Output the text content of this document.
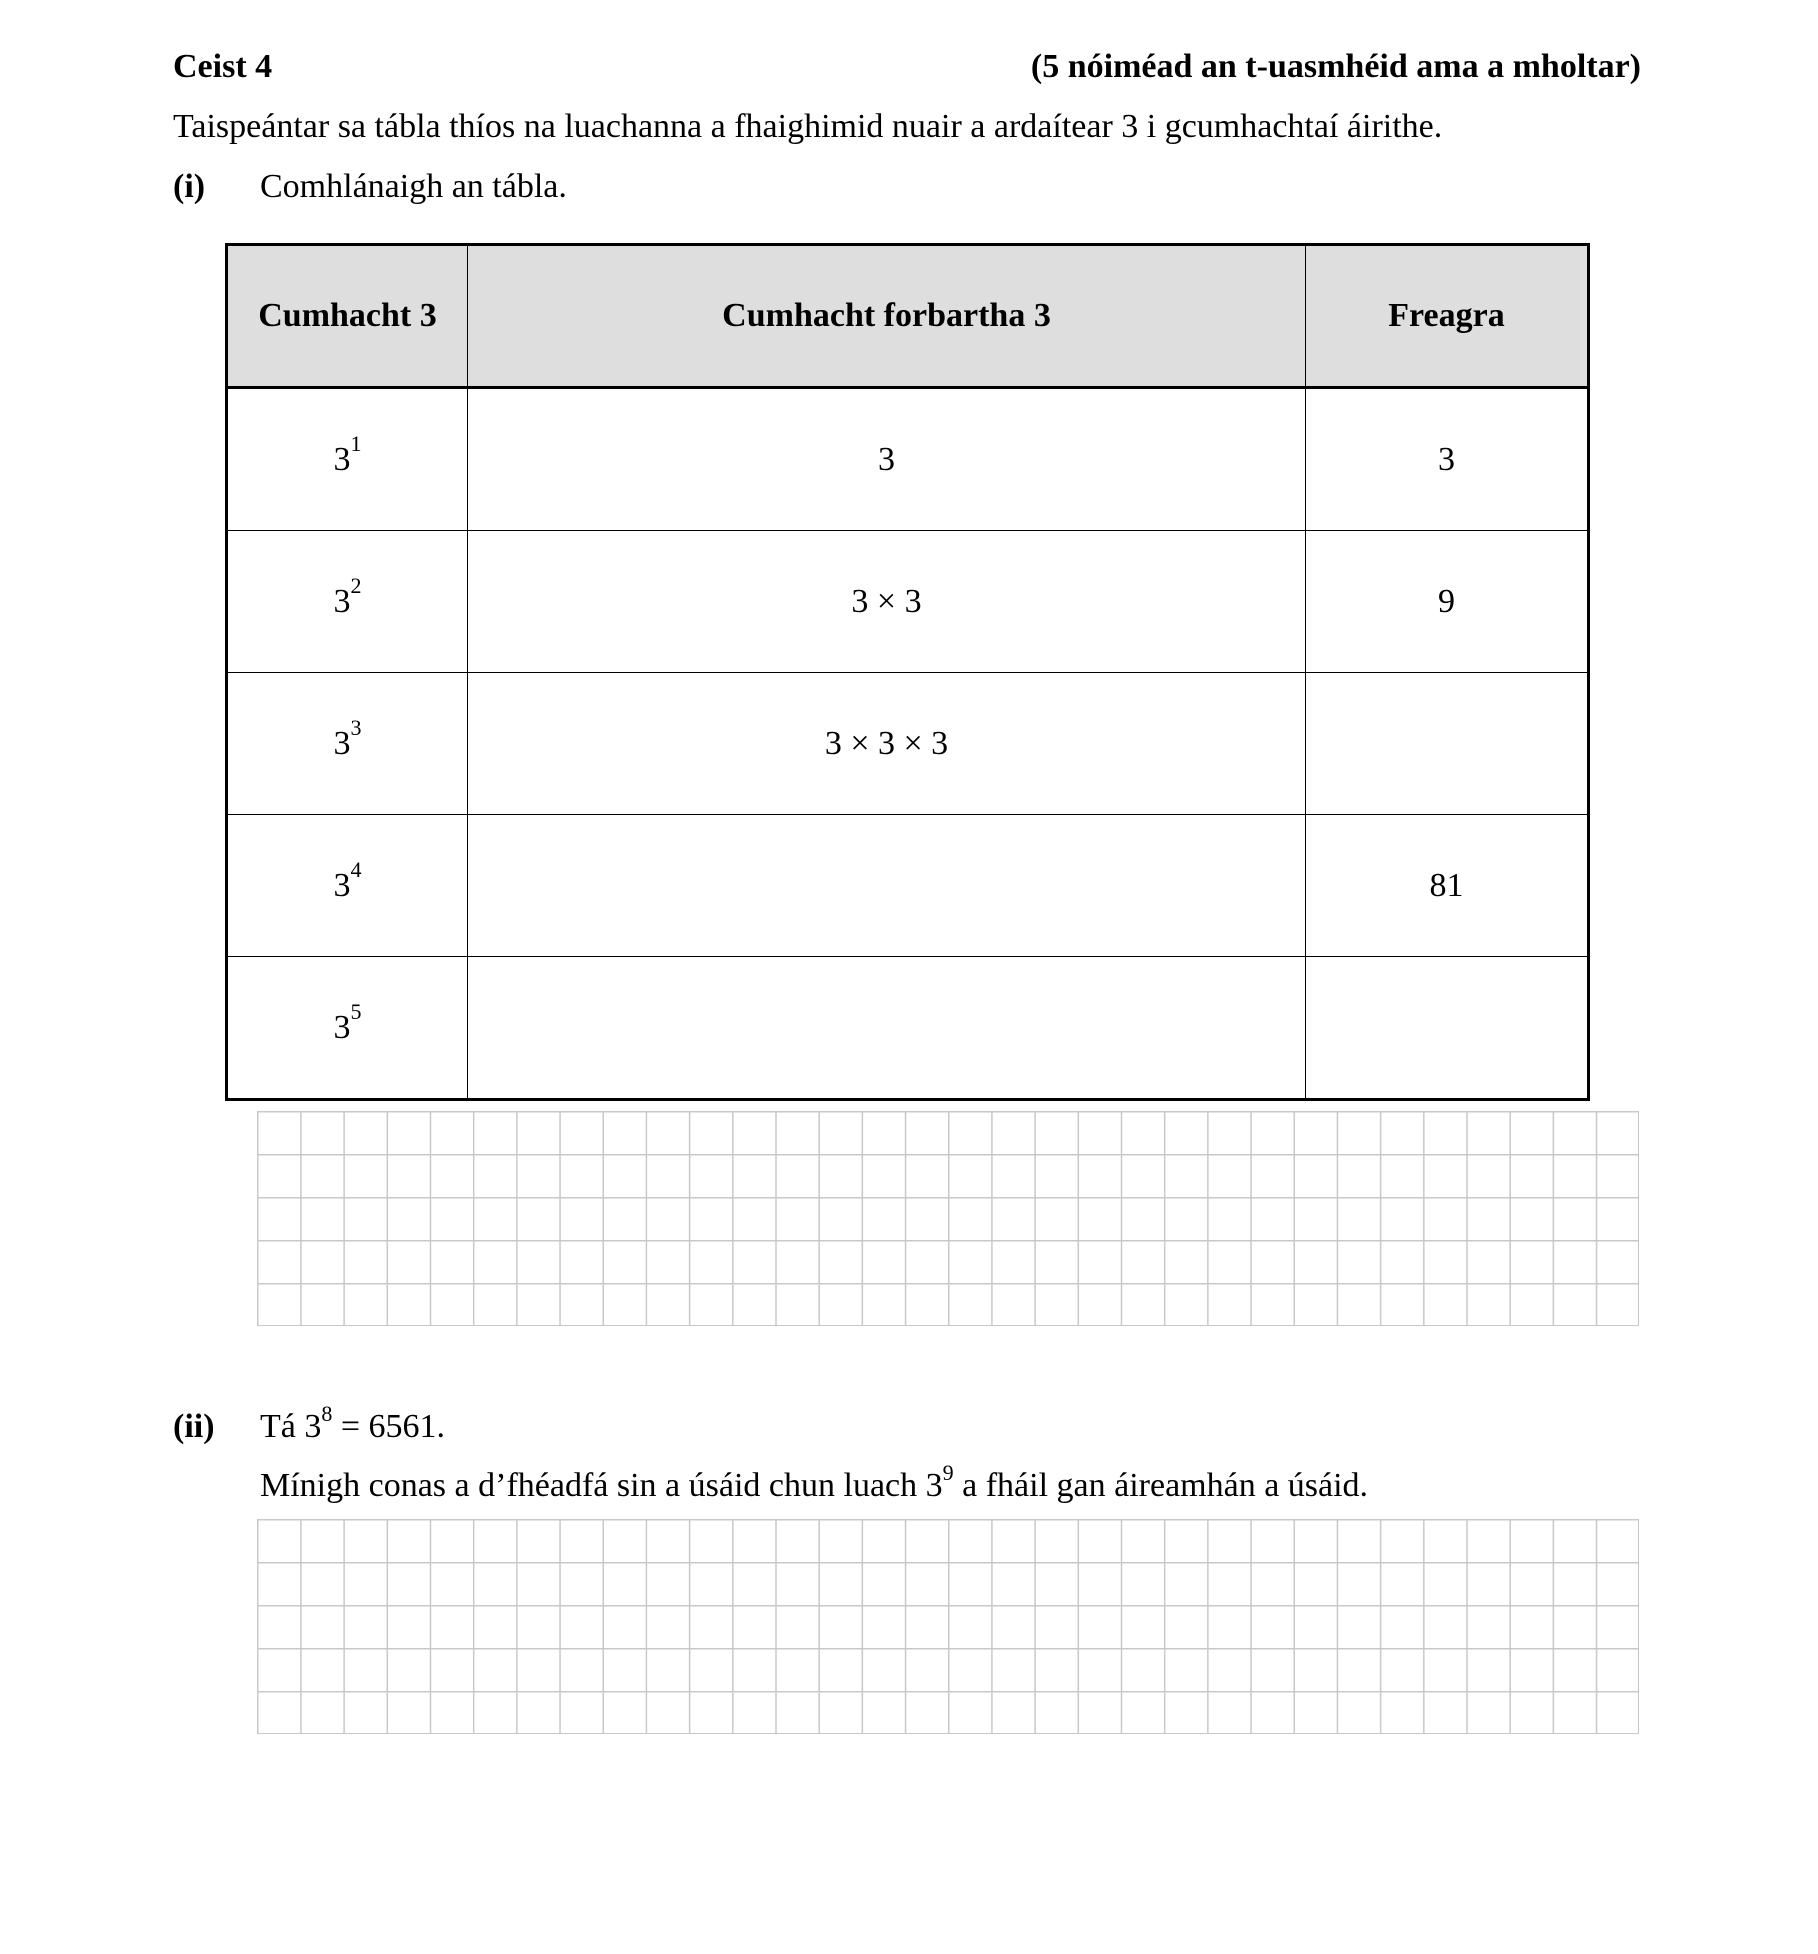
Ceist 4	(5 nóiméad an t-uasmhéid ama a mholtar)
Taispeántar sa tábla thíos na luachanna a fhaighimid nuair a ardaítear 3 i gcumhachtaí áirithe.
(i) Comhlánaigh an tábla.
Cumhacht 3	Cumhacht forbartha 3	Freagra
$3^1$	3	3
$3^2$	3 × 3	9
$3^3$	3 × 3 × 3	
$3^4$		81
$3^5$		
(ii) Tá $3^8 = 6561$.
Mínigh conas a d’fhéadfá sin a úsáid chun luach $3^9$ a fháil gan áireamhán a úsáid.
